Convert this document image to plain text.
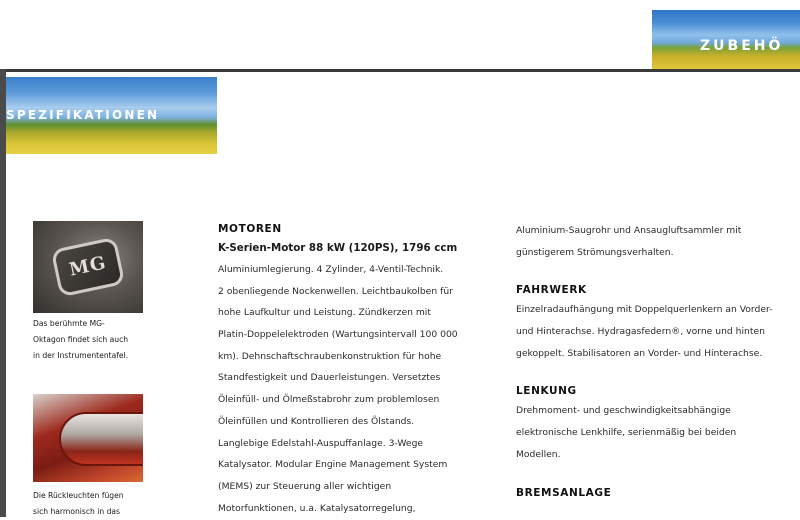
ZUBEHÖ
SPEZIFIKATIONEN
MG

Das berühmte MG-

Oktagon findet sich auch

in der Instrumententafel.

Die Rückleuchten fügen

sich harmonisch in das

MOTOREN
K-Serien-Motor 88 kW (120PS), 1796 ccm

Aluminiumlegierung. 4 Zylinder, 4-Ventil-Technik.

2 obenliegende Nockenwellen. Leichtbaukolben für

hohe Laufkultur und Leistung. Zündkerzen mit

Platin-Doppelelektroden (Wartungsintervall 100 000

km). Dehnschaftschraubenkonstruktion für hohe

Standfestigkeit und Dauerleistungen. Versetztes

Öleinfüll- und Ölmeßstabrohr zum problemlosen

Öleinfüllen und Kontrollieren des Ölstands.

Langlebige Edelstahl-Auspuffanlage. 3-Wege

Katalysator. Modular Engine Management System

(MEMS) zur Steuerung aller wichtigen

Motorfunktionen, u.a. Katalysatorregelung,

Aluminium-Saugrohr und Ansaugluftsammler mit

günstigerem Strömungsverhalten.

FAHRWERK

Einzelradaufhängung mit Doppelquerlenkern an Vorder-

und Hinterachse. Hydragasfedern®, vorne und hinten

gekoppelt. Stabilisatoren an Vorder- und Hinterachse.

LENKUNG

Drehmoment- und geschwindigkeitsabhängige

elektronische Lenkhilfe, serienmäßig bei beiden

Modellen.

BREMSANLAGE
